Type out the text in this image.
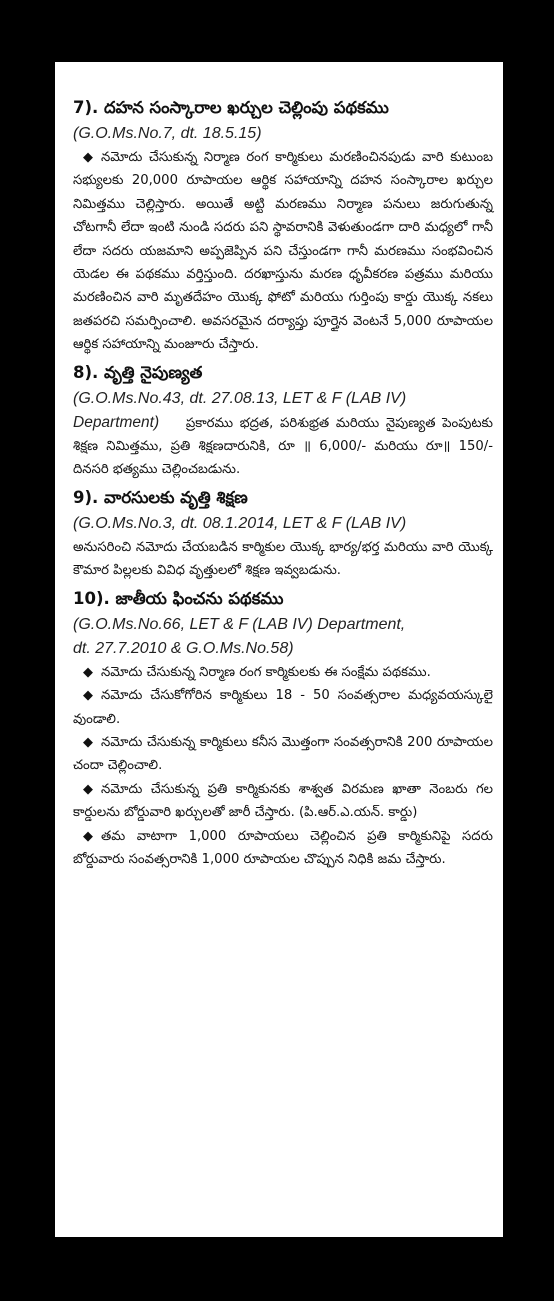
7). దహన సంస్కారాల ఖర్చుల చెల్లింపు పథకము
(G.O.Ms.No.7, dt. 18.5.15)

◆ నమోదు చేసుకున్న నిర్మాణ రంగ కార్మికులు మరణించినపుడు వారి కుటుంబ సభ్యులకు 20,000 రూపాయల ఆర్థిక సహాయాన్ని దహన సంస్కారాల ఖర్చుల నిమిత్తము చెల్లిస్తారు. అయితే అట్టి మరణము నిర్మాణ పనులు జరుగుతున్న చోటగానీ లేదా ఇంటి నుండి సదరు పని స్థావరానికి వెళుతుండగా దారి మధ్యలో గానీ లేదా సదరు యజమాని అప్పజెప్పిన పని చేస్తుండగా గానీ మరణము సంభవించిన యెడల ఈ పథకము వర్తిస్తుంది. దరఖాస్తును మరణ ధృవీకరణ పత్రము మరియు మరణించిన వారి మృతదేహం యొక్క ఫోటో మరియు గుర్తింపు కార్డు యొక్క నకలు జతపరచి సమర్పించాలి. అవసరమైన దర్యాప్తు పూర్తైన వెంటనే 5,000 రూపాయల ఆర్థిక సహాయాన్ని మంజూరు చేస్తారు.

8). వృత్తి నైపుణ్యత
(G.O.Ms.No.43, dt. 27.08.13, LET & F (LAB IV)

Department) ప్రకారము భద్రత, పరిశుభ్రత మరియు నైపుణ్యత పెంపుటకు శిక్షణ నిమిత్తము, ప్రతి శిక్షణదారునికి, రూ ॥ 6,000/- మరియు రూ॥ 150/- దినసరి భత్యము చెల్లించబడును.

9). వారసులకు వృత్తి శిక్షణ
(G.O.Ms.No.3, dt. 08.1.2014, LET & F (LAB IV)

అనుసరించి నమోదు చేయబడిన కార్మికుల యొక్క భార్య/భర్త మరియు వారి యొక్క కౌమార పిల్లలకు వివిధ వృత్తులలో శిక్షణ ఇవ్వబడును.

10). జాతీయ ఫించను పథకము
(G.O.Ms.No.66, LET & F (LAB IV) Department,
dt. 27.7.2010 & G.O.Ms.No.58)

◆ నమోదు చేసుకున్న నిర్మాణ రంగ కార్మికులకు ఈ సంక్షేమ పథకము.

◆ నమోదు చేసుకోగోరిన కార్మికులు 18 - 50 సంవత్సరాల మధ్యవయస్కులై వుండాలి.

◆ నమోదు చేసుకున్న కార్మికులు కనీస మొత్తంగా సంవత్సరానికి 200 రూపాయల చందా చెల్లించాలి.

◆ నమోదు చేసుకున్న ప్రతి కార్మికునకు శాశ్వత విరమణ ఖాతా నెంబరు గల కార్డులను బోర్డువారి ఖర్చులతో జారీ చేస్తారు. (పి.ఆర్.ఎ.యన్. కార్డు)

◆ తమ వాటాగా 1,000 రూపాయలు చెల్లించిన ప్రతి కార్మికునిపై సదరు బోర్డువారు సంవత్సరానికి 1,000 రూపాయల చొప్పున నిధికి జమ చేస్తారు.
